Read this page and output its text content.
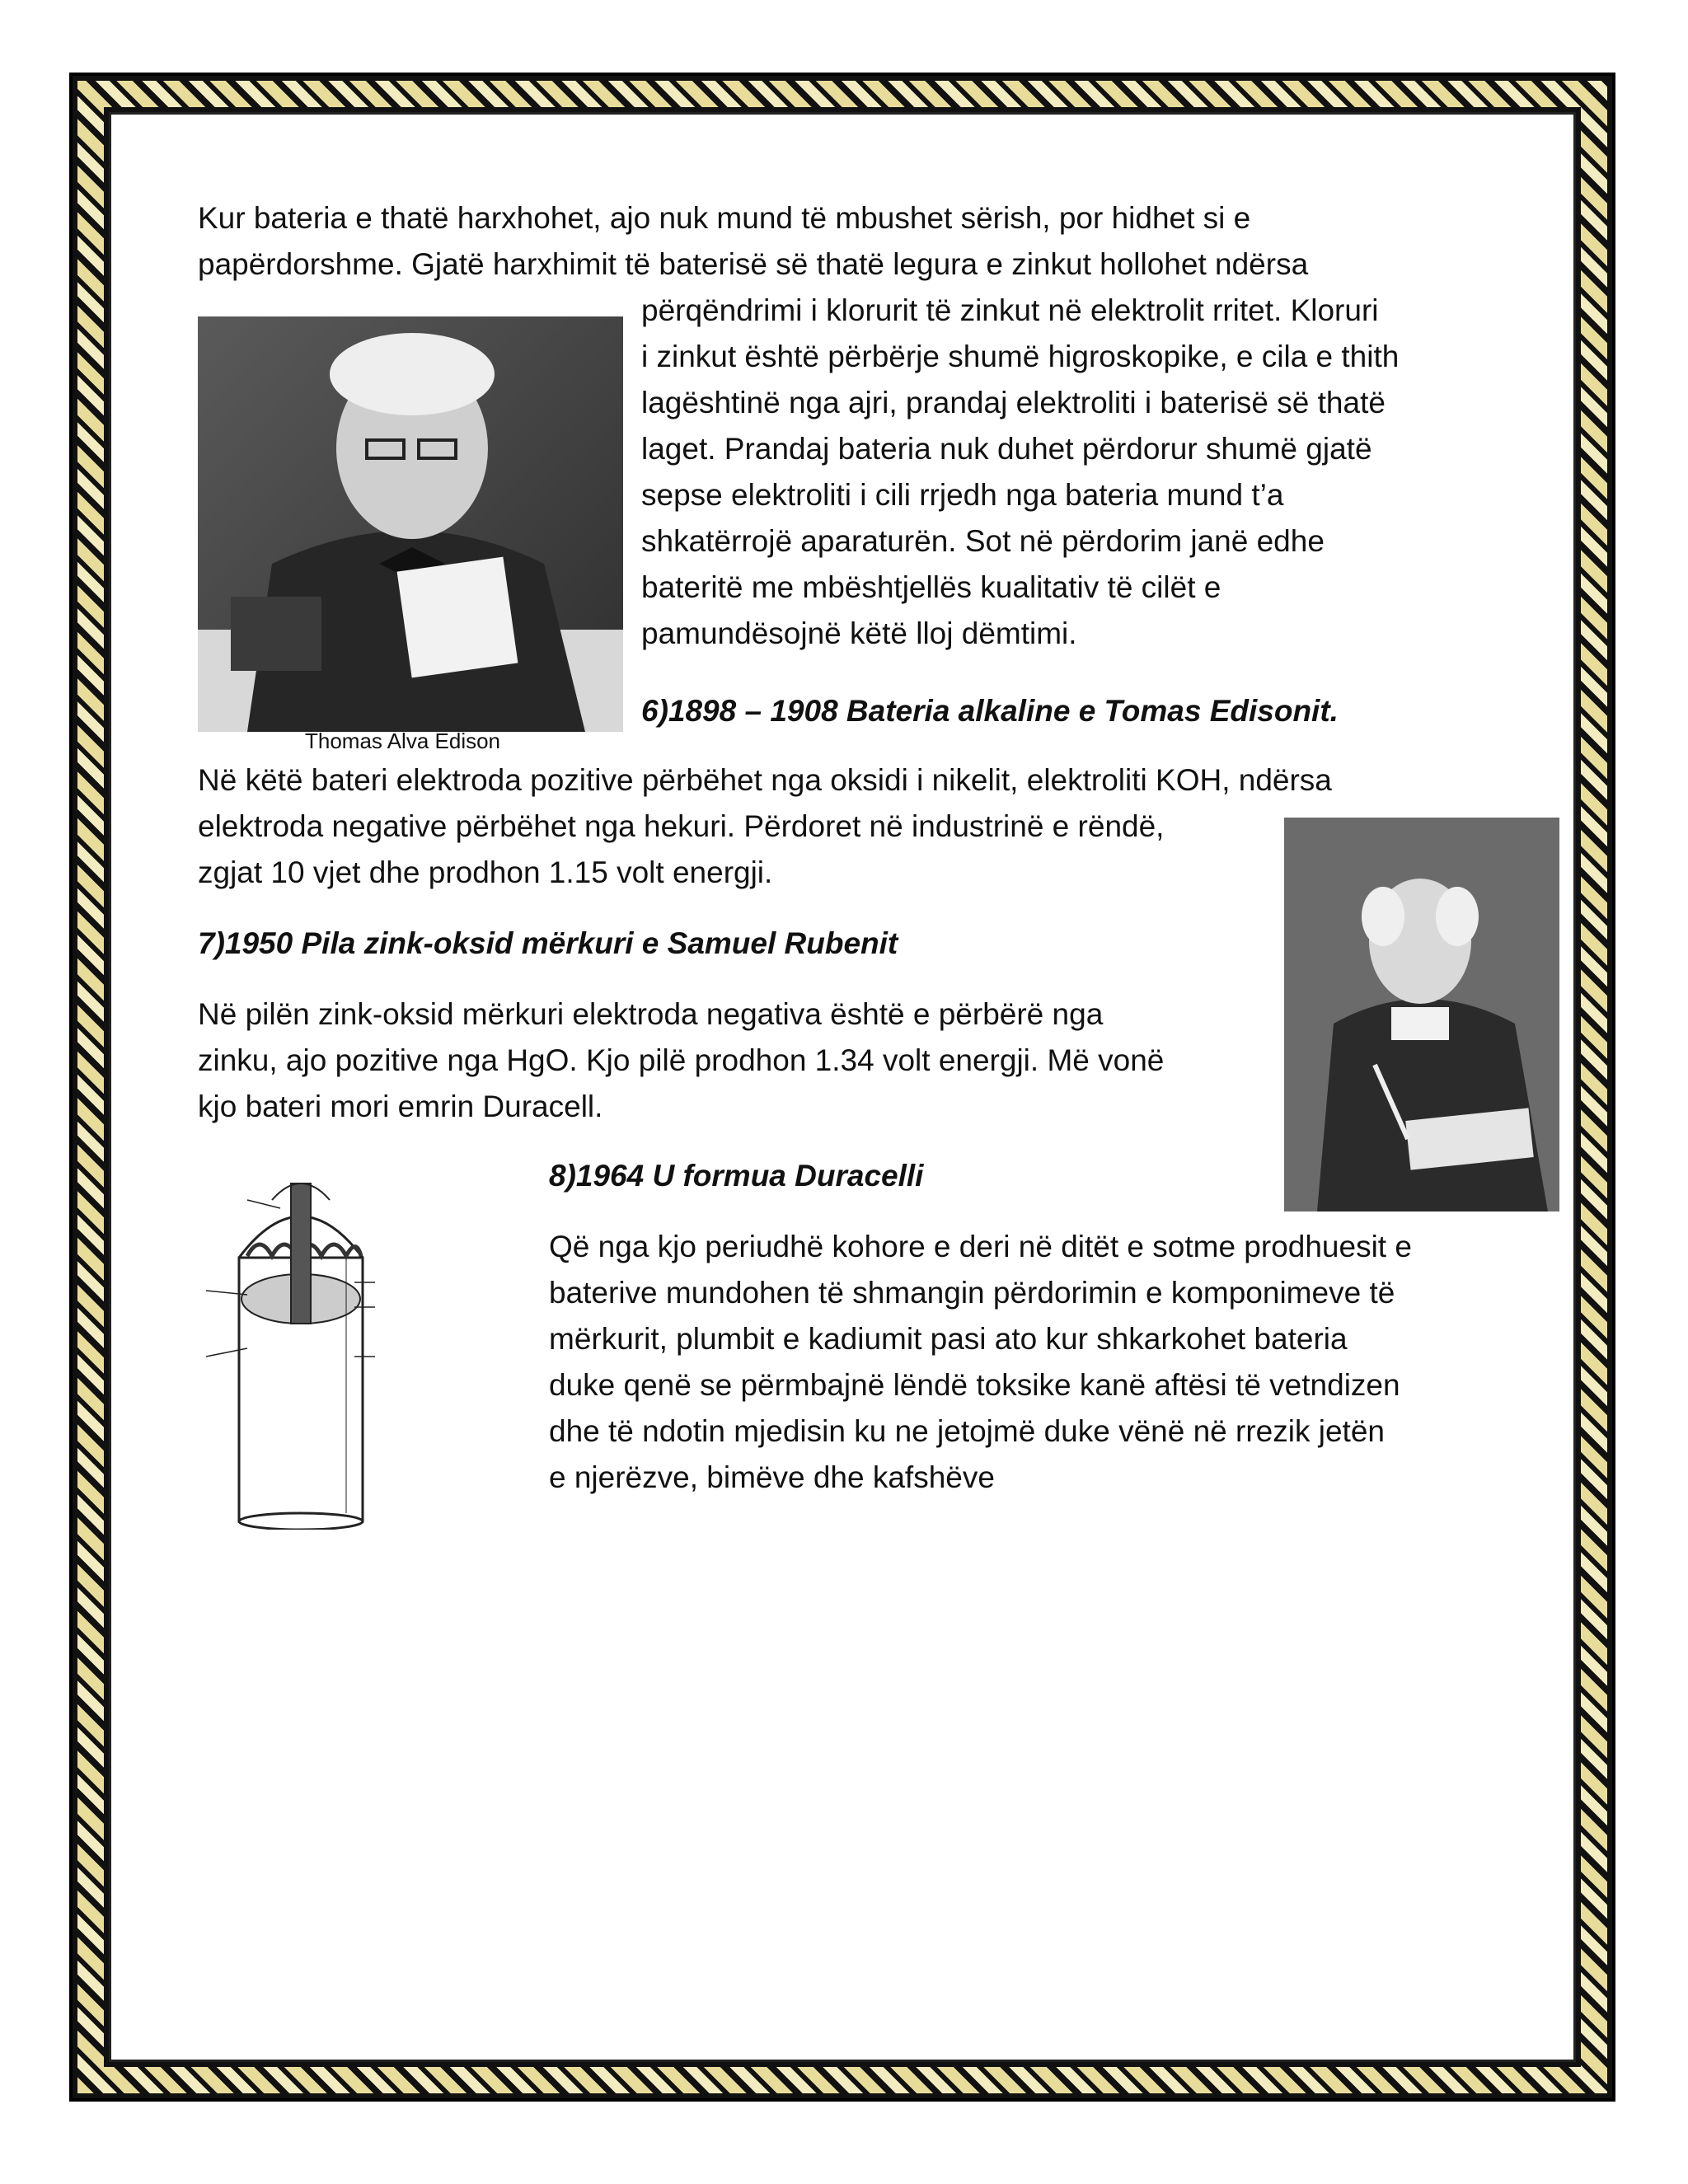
Kur bateria e thatë harxhohet, ajo nuk mund të mbushet sërish, por hidhet si e
papërdorshme. Gjatë harxhimit të baterisë së thatë legura e zinkut hollohet ndërsa
përqëndrimi i klorurit të zinkut në elektrolit rritet. Kloruri
i zinkut është përbërje shumë higroskopike, e cila e thith
lagështinë nga ajri, prandaj elektroliti i baterisë së thatë
laget. Prandaj bateria nuk duhet përdorur shumë gjatë
sepse elektroliti i cili rrjedh nga bateria mund t’a
shkatërrojë aparaturën. Sot në përdorim janë edhe
bateritë me mbështjellës kualitativ të cilët e
pamundësojnë këtë lloj dëmtimi.
Thomas Alva Edison
6)1898 – 1908 Bateria alkaline e Tomas Edisonit.
Në këtë bateri elektroda pozitive përbëhet nga oksidi i nikelit, elektroliti KOH, ndërsa
elektroda negative përbëhet nga hekuri. Përdoret në industrinë e rëndë,
zgjat 10 vjet dhe prodhon 1.15 volt energji.
7)1950 Pila zink-oksid mërkuri e Samuel Rubenit
Në pilën zink-oksid mërkuri elektroda negativa është e përbërë nga
zinku, ajo pozitive nga HgO. Kjo pilë prodhon 1.34 volt energji. Më vonë
kjo bateri mori emrin Duracell.
8)1964 U formua Duracelli
Që nga kjo periudhë kohore e deri në ditët e sotme prodhuesit e
baterive mundohen të shmangin përdorimin e komponimeve të
mërkurit, plumbit e kadiumit pasi ato kur shkarkohet bateria
duke qenë se përmbajnë lëndë toksike kanë aftësi të vetndizen
dhe të ndotin mjedisin ku ne jetojmë duke vënë në rrezik jetën
e njerëzve, bimëve dhe kafshëve
